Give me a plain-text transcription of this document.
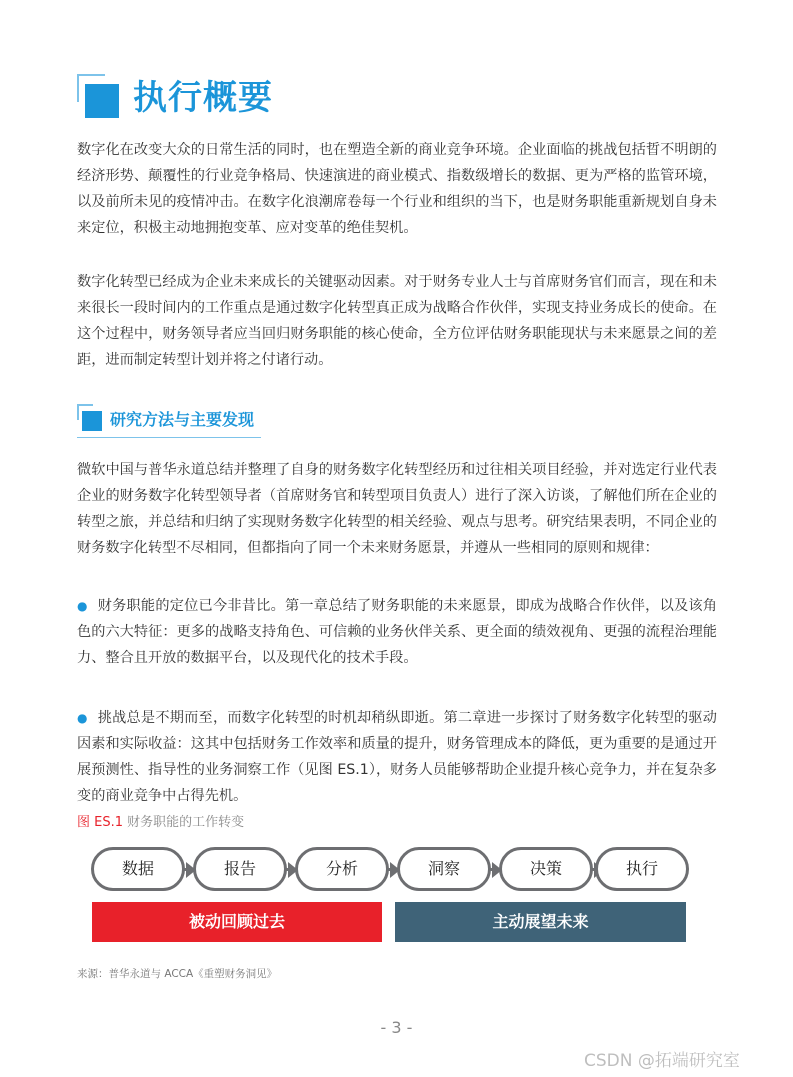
执行概要

数字化在改变大众的日常生活的同时，也在塑造全新的商业竞争环境。企业面临的挑战包括晢不明朗的经济形势、颠覆性的行业竞争格局、快速演进的商业模式、指数级增长的数据、更为严格的监管环境，以及前所未见的疫情冲击。在数字化浪潮席卷每一个行业和组织的当下，也是财务职能重新规划自身未来定位，积极主动地拥抱变革、应对变革的绝佳契机。

数字化转型已经成为企业未来成长的关键驱动因素。对于财务专业人士与首席财务官们而言，现在和未来很长一段时间内的工作重点是通过数字化转型真正成为战略合作伙伴，实现支持业务成长的使命。在这个过程中，财务领导者应当回归财务职能的核心使命，全方位评估财务职能现状与未来愿景之间的差距，进而制定转型计划并将之付诸行动。

研究方法与主要发现

微软中国与普华永道总结并整理了自身的财务数字化转型经历和过往相关项目经验，并对选定行业代表企业的财务数字化转型领导者（首席财务官和转型项目负责人）进行了深入访谈，了解他们所在企业的转型之旅，并总结和归纳了实现财务数字化转型的相关经验、观点与思考。研究结果表明，不同企业的财务数字化转型不尽相同，但都指向了同一个未来财务愿景，并遵从一些相同的原则和规律：

● 财务职能的定位已今非昔比。第一章总结了财务职能的未来愿景，即成为战略合作伙伴，以及该角色的六大特征：更多的战略支持角色、可信赖的业务伙伴关系、更全面的绩效视角、更强的流程治理能力、整合且开放的数据平台，以及现代化的技术手段。

● 挑战总是不期而至，而数字化转型的时机却稍纵即逝。第二章进一步探讨了财务数字化转型的驱动因素和实际收益：这其中包括财务工作效率和质量的提升，财务管理成本的降低，更为重要的是通过开展预测性、指导性的业务洞察工作（见图 ES.1），财务人员能够帮助企业提升核心竞争力，并在复杂多变的商业竞争中占得先机。

图 ES.1 财务职能的工作转变
数据	报告	分析	洞察	决策	执行
被动回顾过去	主动展望未来
来源：普华永道与 ACCA《重塑财务洞见》
- 3 -
CSDN @拓端研究室
